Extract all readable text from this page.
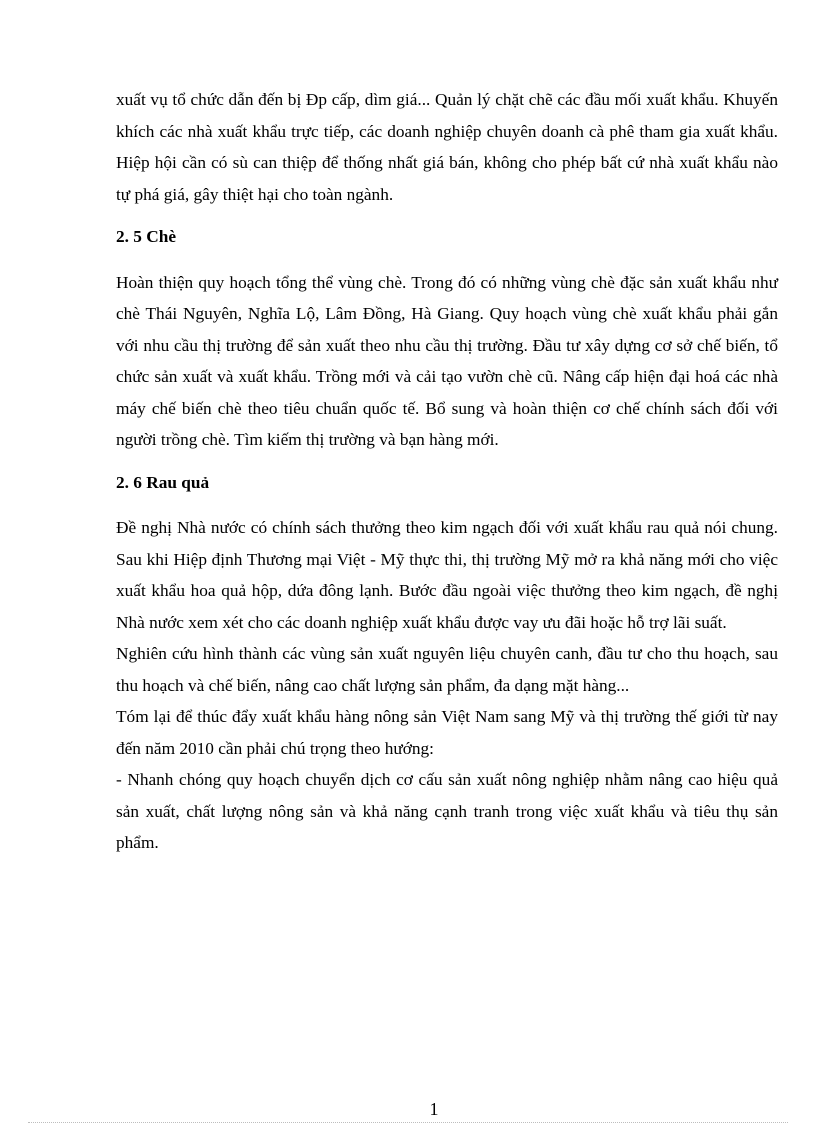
xuất vụ tổ chức dẫn đến bị Ðp cấp, dìm giá... Quản lý chặt chẽ các đầu mối xuất khẩu. Khuyến khích các nhà xuất khẩu trực tiếp, các doanh nghiệp chuyên doanh cà phê tham gia xuất khẩu. Hiệp hội cần có sù can thiệp để thống nhất giá bán, không cho phép bất cứ nhà xuất khẩu nào tự phá giá, gây thiệt hại cho toàn ngành.

2. 5 Chè

Hoàn thiện quy hoạch tổng thể vùng chè. Trong đó có những vùng chè đặc sản xuất khẩu như chè Thái Nguyên, Nghĩa Lộ, Lâm Đồng, Hà Giang. Quy hoạch vùng chè xuất khẩu phải gắn với nhu cầu thị trường để sản xuất theo nhu cầu thị trường. Đầu tư xây dựng cơ sở chế biến, tổ chức sản xuất và xuất khẩu. Trồng mới và cải tạo vườn chè cũ. Nâng cấp hiện đại hoá các nhà máy chế biến chè theo tiêu chuẩn quốc tế. Bổ sung và hoàn thiện cơ chế chính sách đối với người trồng chè. Tìm kiếm thị trường và bạn hàng mới.

2. 6 Rau quả

Đề nghị Nhà nước có chính sách thưởng theo kim ngạch đối với xuất khẩu rau quả nói chung. Sau khi Hiệp định Thương mại Việt - Mỹ thực thi, thị trường Mỹ mở ra khả năng mới cho việc xuất khẩu hoa quả hộp, dứa đông lạnh. Bước đầu ngoài việc thưởng theo kim ngạch, đề nghị Nhà nước xem xét cho các doanh nghiệp xuất khẩu được vay ưu đãi hoặc hỗ trợ lãi suất.

Nghiên cứu hình thành các vùng sản xuất nguyên liệu chuyên canh, đầu tư cho thu hoạch, sau thu hoạch và chế biến, nâng cao chất lượng sản phẩm, đa dạng mặt hàng...

Tóm lại để thúc đẩy xuất khẩu hàng nông sản Việt Nam sang Mỹ và thị trường thế giới từ nay đến năm 2010 cần phải chú trọng theo hướng:

- Nhanh chóng quy hoạch chuyển dịch cơ cấu sản xuất nông nghiệp nhằm nâng cao hiệu quả sản xuất, chất lượng nông sản và khả năng cạnh tranh trong việc xuất khẩu và tiêu thụ sản phẩm.

1
